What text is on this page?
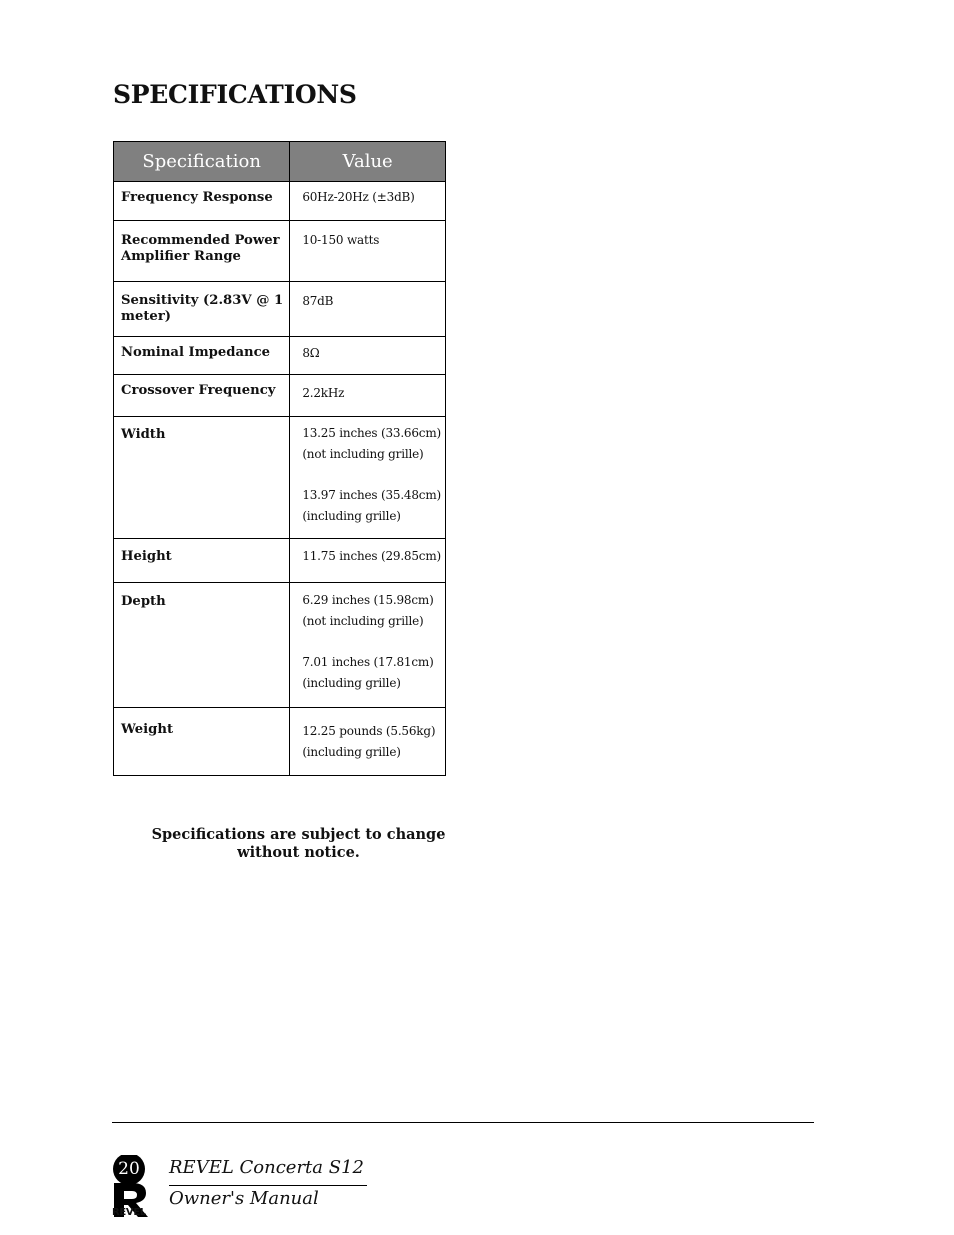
SPECIFICATIONS
Specification	Value

Frequency Response	60Hz-20Hz (±3dB)

Recommended Power
Amplifier Range	10-150 watts

Sensitivity (2.83V @ 1
meter)	87dB

Nominal Impedance	8Ω

Crossover Frequency	2.2kHz

Width	13.25 inches (33.66cm)
(not including grille)
13.97 inches (35.48cm)
(including grille)

Height	11.75 inches (29.85cm)

Depth	6.29 inches (15.98cm)
(not including grille)
7.01 inches (17.81cm)
(including grille)

Weight	12.25 pounds (5.56kg)
(including grille)
Specifications are subject to change
without notice.
20
REVEL
REVEL Concerta S12
Owner's Manual
